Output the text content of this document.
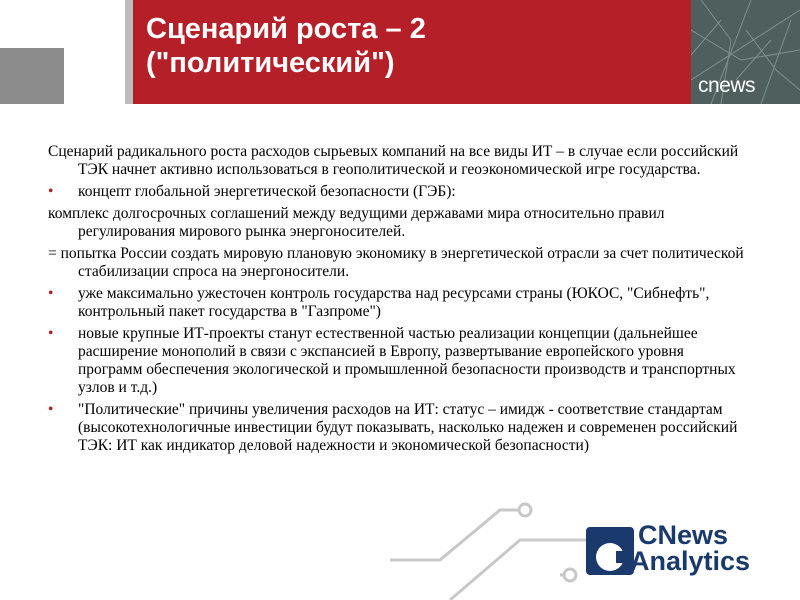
Сценарий роста – 2
("политический")
cnews

Сценарий радикального роста расходов сырьевых компаний на все виды ИТ – в случае если российский ТЭК начнет активно использоваться в геополитической и геоэкономической игре государства.

• концепт глобальной энергетической безопасности (ГЭБ):

комплекс долгосрочных соглашений между ведущими державами мира относительно правил регулирования мирового рынка энергоносителей.

= попытка России создать мировую плановую экономику в энергетической отрасли за счет политической стабилизации спроса на энергоносители.

• уже максимально ужесточен контроль государства над ресурсами страны (ЮКОС, "Сибнефть", контрольный пакет государства в "Газпроме")
• новые крупные ИТ-проекты станут естественной частью реализации концепции (дальнейшее расширение монополий в связи с экспансией в Европу, развертывание европейского уровня программ обеспечения экологической и промышленной безопасности производств и транспортных узлов и т.д.)
• "Политические" причины увеличения расходов на ИТ: статус – имидж - соответствие стандартам (высокотехнологичные инвестиции будут показывать, насколько надежен и современен российский ТЭК: ИТ как индикатор деловой надежности и экономической безопасности)
CNews
Analytics
